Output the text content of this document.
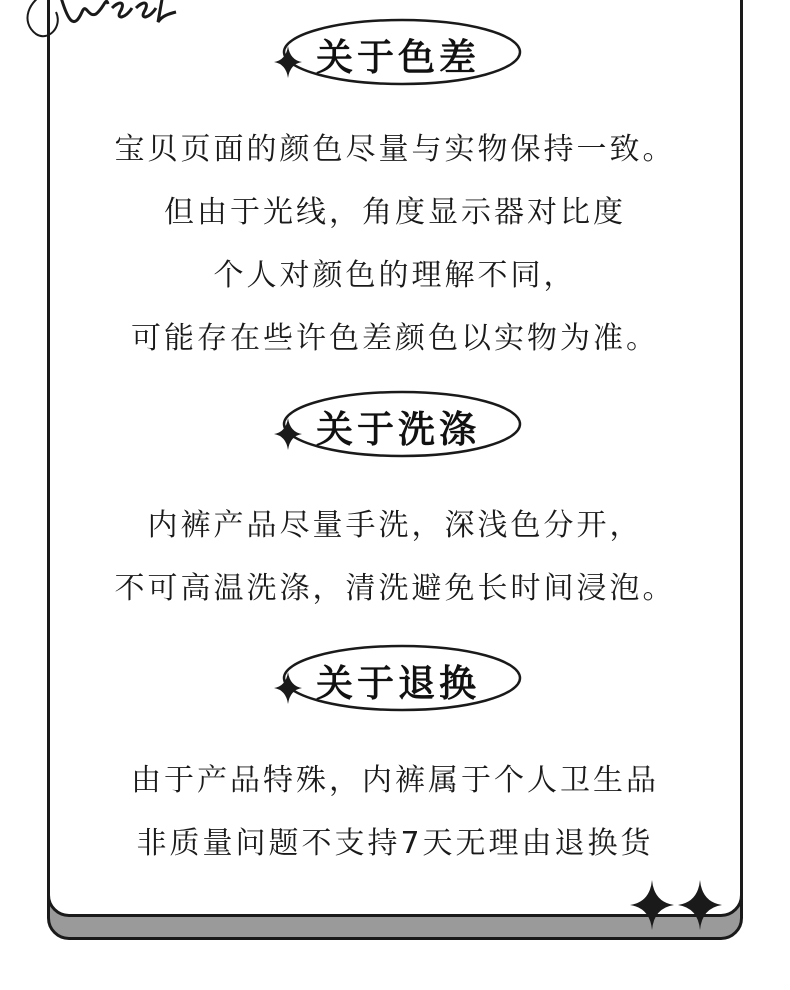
关于色差
宝贝页面的颜色尽量与实物保持一致。
但由于光线，角度显示器对比度
个人对颜色的理解不同，
可能存在些许色差颜色以实物为准。
关于洗涤
内裤产品尽量手洗，深浅色分开，
不可高温洗涤，清洗避免长时间浸泡。
关于退换
由于产品特殊，内裤属于个人卫生品
非质量问题不支持7天无理由退换货
